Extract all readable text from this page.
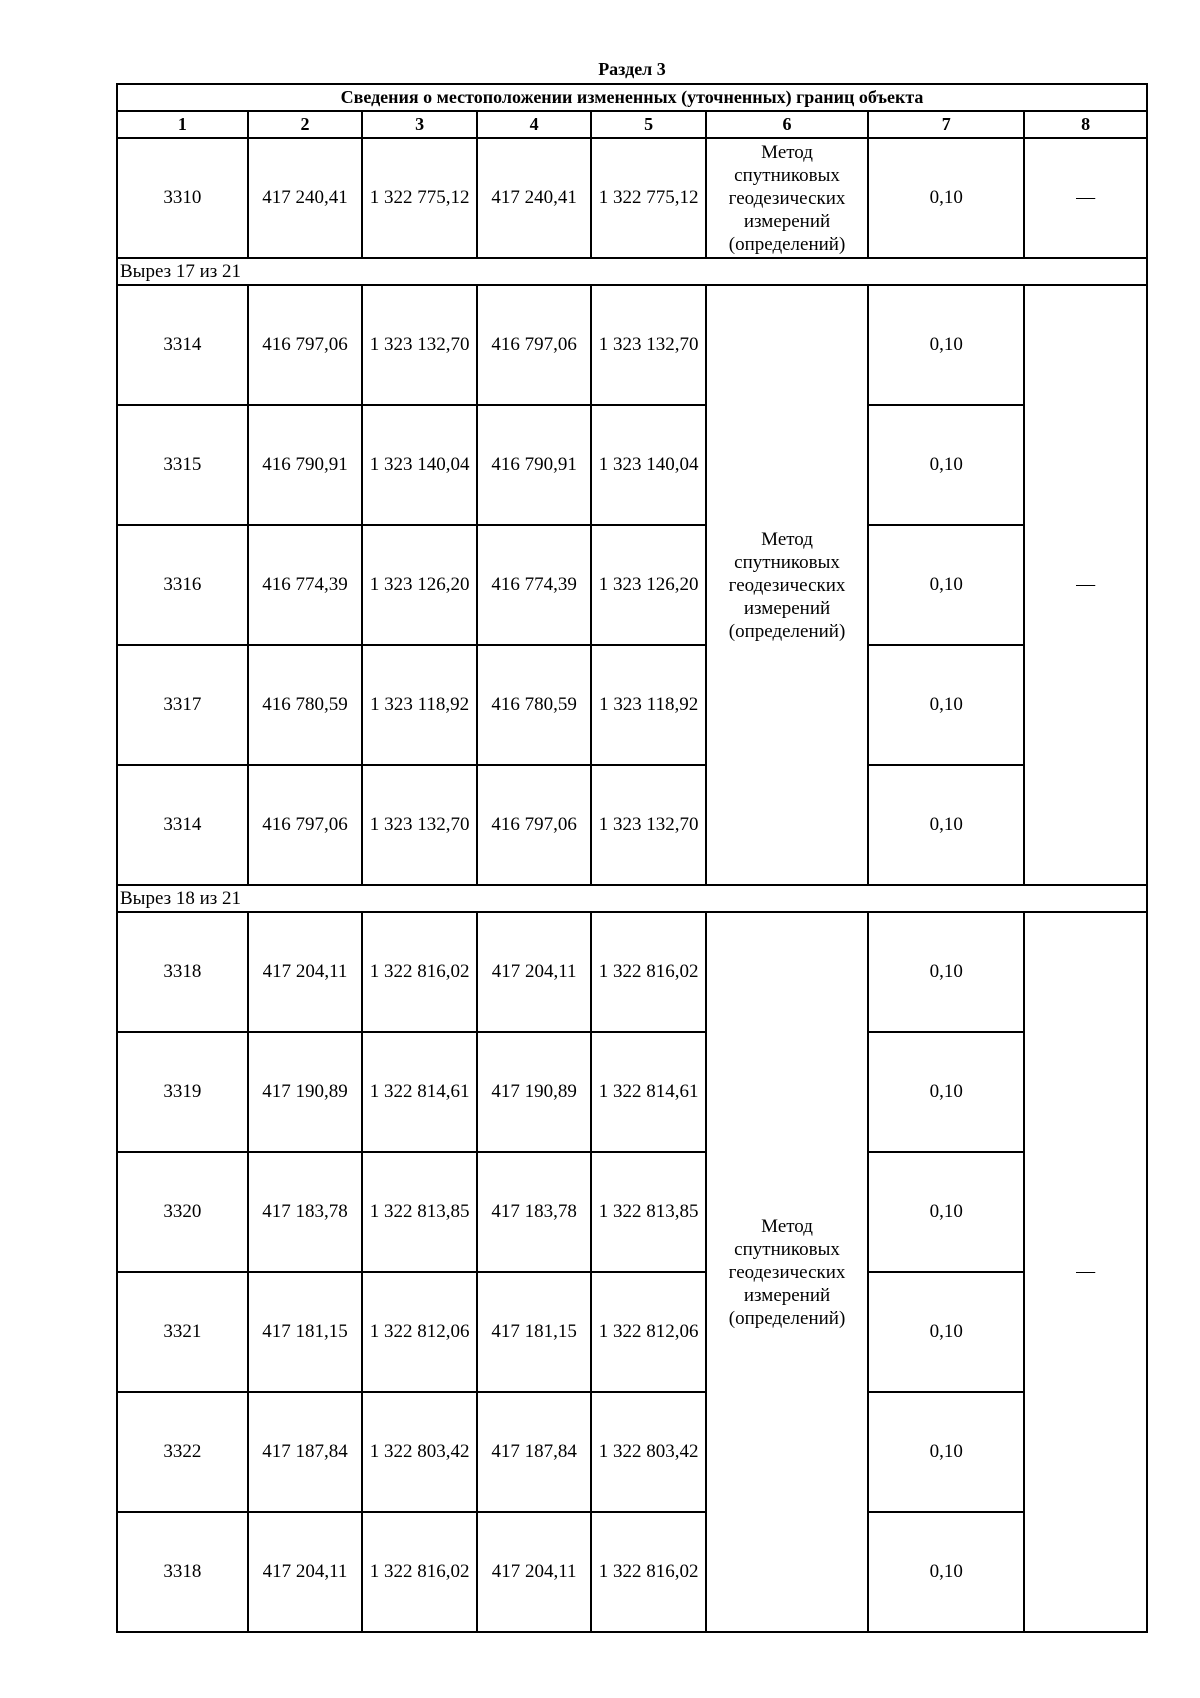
Раздел 3
Сведения о местоположении измененных (уточненных) границ объекта							
1	2	3	4	5	6	7	8
3310	417 240,41	1 322 775,12	417 240,41	1 322 775,12	Метод
спутниковых
геодезических
измерений
(определений)	0,10	—
Вырез 17 из 21							
3314	416 797,06	1 323 132,70	416 797,06	1 323 132,70	Метод
спутниковых
геодезических
измерений
(определений)	0,10	—
3315	416 790,91	1 323 140,04	416 790,91	1 323 140,04		0,10	
3316	416 774,39	1 323 126,20	416 774,39	1 323 126,20		0,10	
3317	416 780,59	1 323 118,92	416 780,59	1 323 118,92		0,10	
3314	416 797,06	1 323 132,70	416 797,06	1 323 132,70		0,10	
Вырез 18 из 21							
3318	417 204,11	1 322 816,02	417 204,11	1 322 816,02	Метод
спутниковых
геодезических
измерений
(определений)	0,10	—
3319	417 190,89	1 322 814,61	417 190,89	1 322 814,61		0,10	
3320	417 183,78	1 322 813,85	417 183,78	1 322 813,85		0,10	
3321	417 181,15	1 322 812,06	417 181,15	1 322 812,06		0,10	
3322	417 187,84	1 322 803,42	417 187,84	1 322 803,42		0,10	
3318	417 204,11	1 322 816,02	417 204,11	1 322 816,02		0,10	
